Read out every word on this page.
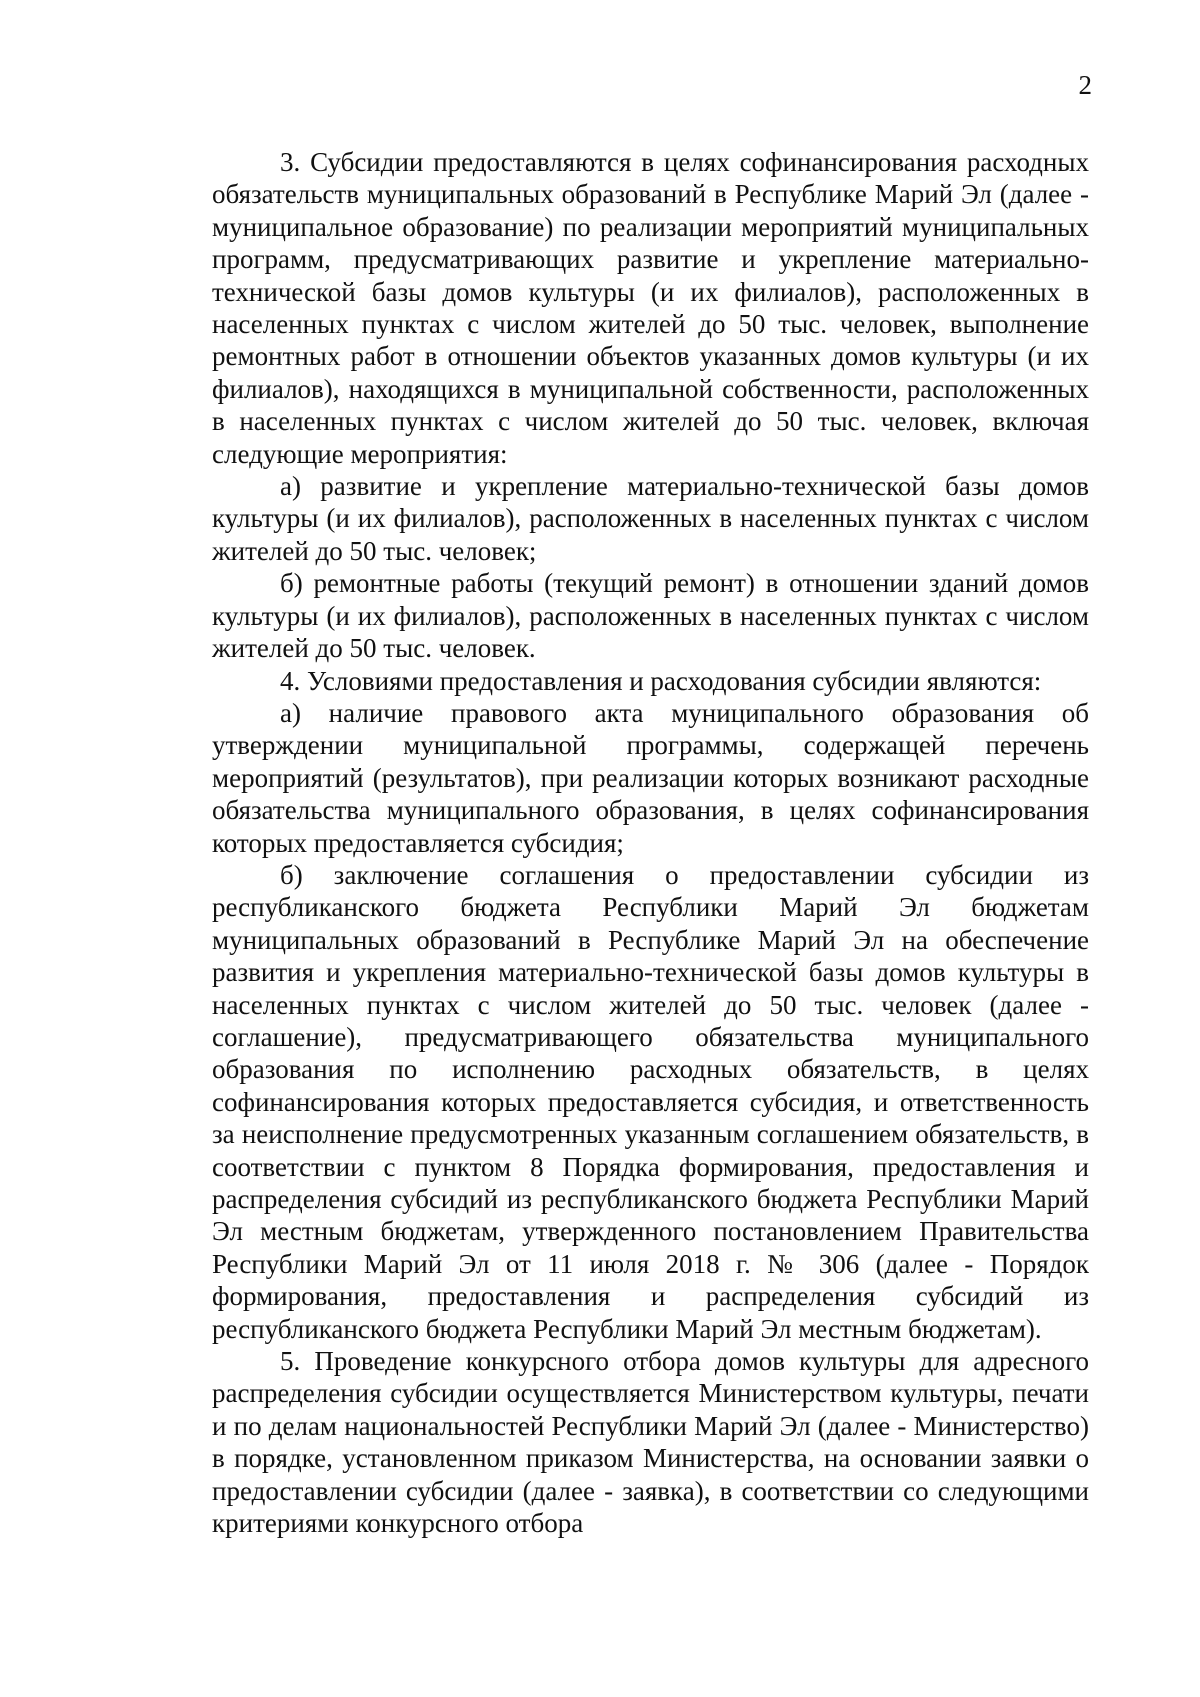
2

3. Субсидии предоставляются в целях софинансирования расходных обязательств муниципальных образований в Республике Марий Эл (далее - муниципальное образование) по реализации мероприятий муниципальных программ, предусматривающих развитие и укрепление материально-технической базы домов культуры (и их филиалов), расположенных в населенных пунктах с числом жителей до 50 тыс. человек, выполнение ремонтных работ в отношении объектов указанных домов культуры (и их филиалов), находящихся в муниципальной собственности, расположенных в населенных пунктах с числом жителей до 50 тыс. человек, включая следующие мероприятия:

а) развитие и укрепление материально-технической базы домов культуры (и их филиалов), расположенных в населенных пунктах с числом жителей до 50 тыс. человек;

б) ремонтные работы (текущий ремонт) в отношении зданий домов культуры (и их филиалов), расположенных в населенных пунктах с числом жителей до 50 тыс. человек.

4. Условиями предоставления и расходования субсидии являются:

а) наличие правового акта муниципального образования об утверждении муниципальной программы, содержащей перечень мероприятий (результатов), при реализации которых возникают расходные обязательства муниципального образования, в целях софинансирования которых предоставляется субсидия;

б) заключение соглашения о предоставлении субсидии из республиканского бюджета Республики Марий Эл бюджетам муниципальных образований в Республике Марий Эл на обеспечение развития и укрепления материально-технической базы домов культуры в населенных пунктах с числом жителей до 50 тыс. человек (далее - соглашение), предусматривающего обязательства муниципального образования по исполнению расходных обязательств, в целях софинансирования которых предоставляется субсидия, и ответственность за неисполнение предусмотренных указанным соглашением обязательств, в соответствии с пунктом 8 Порядка формирования, предоставления и распределения субсидий из республиканского бюджета Республики Марий Эл местным бюджетам, утвержденного постановлением Правительства Республики Марий Эл от 11 июля 2018 г. № 306 (далее - Порядок формирования, предоставления и распределения субсидий из республиканского бюджета Республики Марий Эл местным бюджетам).

5. Проведение конкурсного отбора домов культуры для адресного распределения субсидии осуществляется Министерством культуры, печати и по делам национальностей Республики Марий Эл (далее - Министерство) в порядке, установленном приказом Министерства, на основании заявки о предоставлении субсидии (далее - заявка), в соответствии со следующими критериями конкурсного отбора
